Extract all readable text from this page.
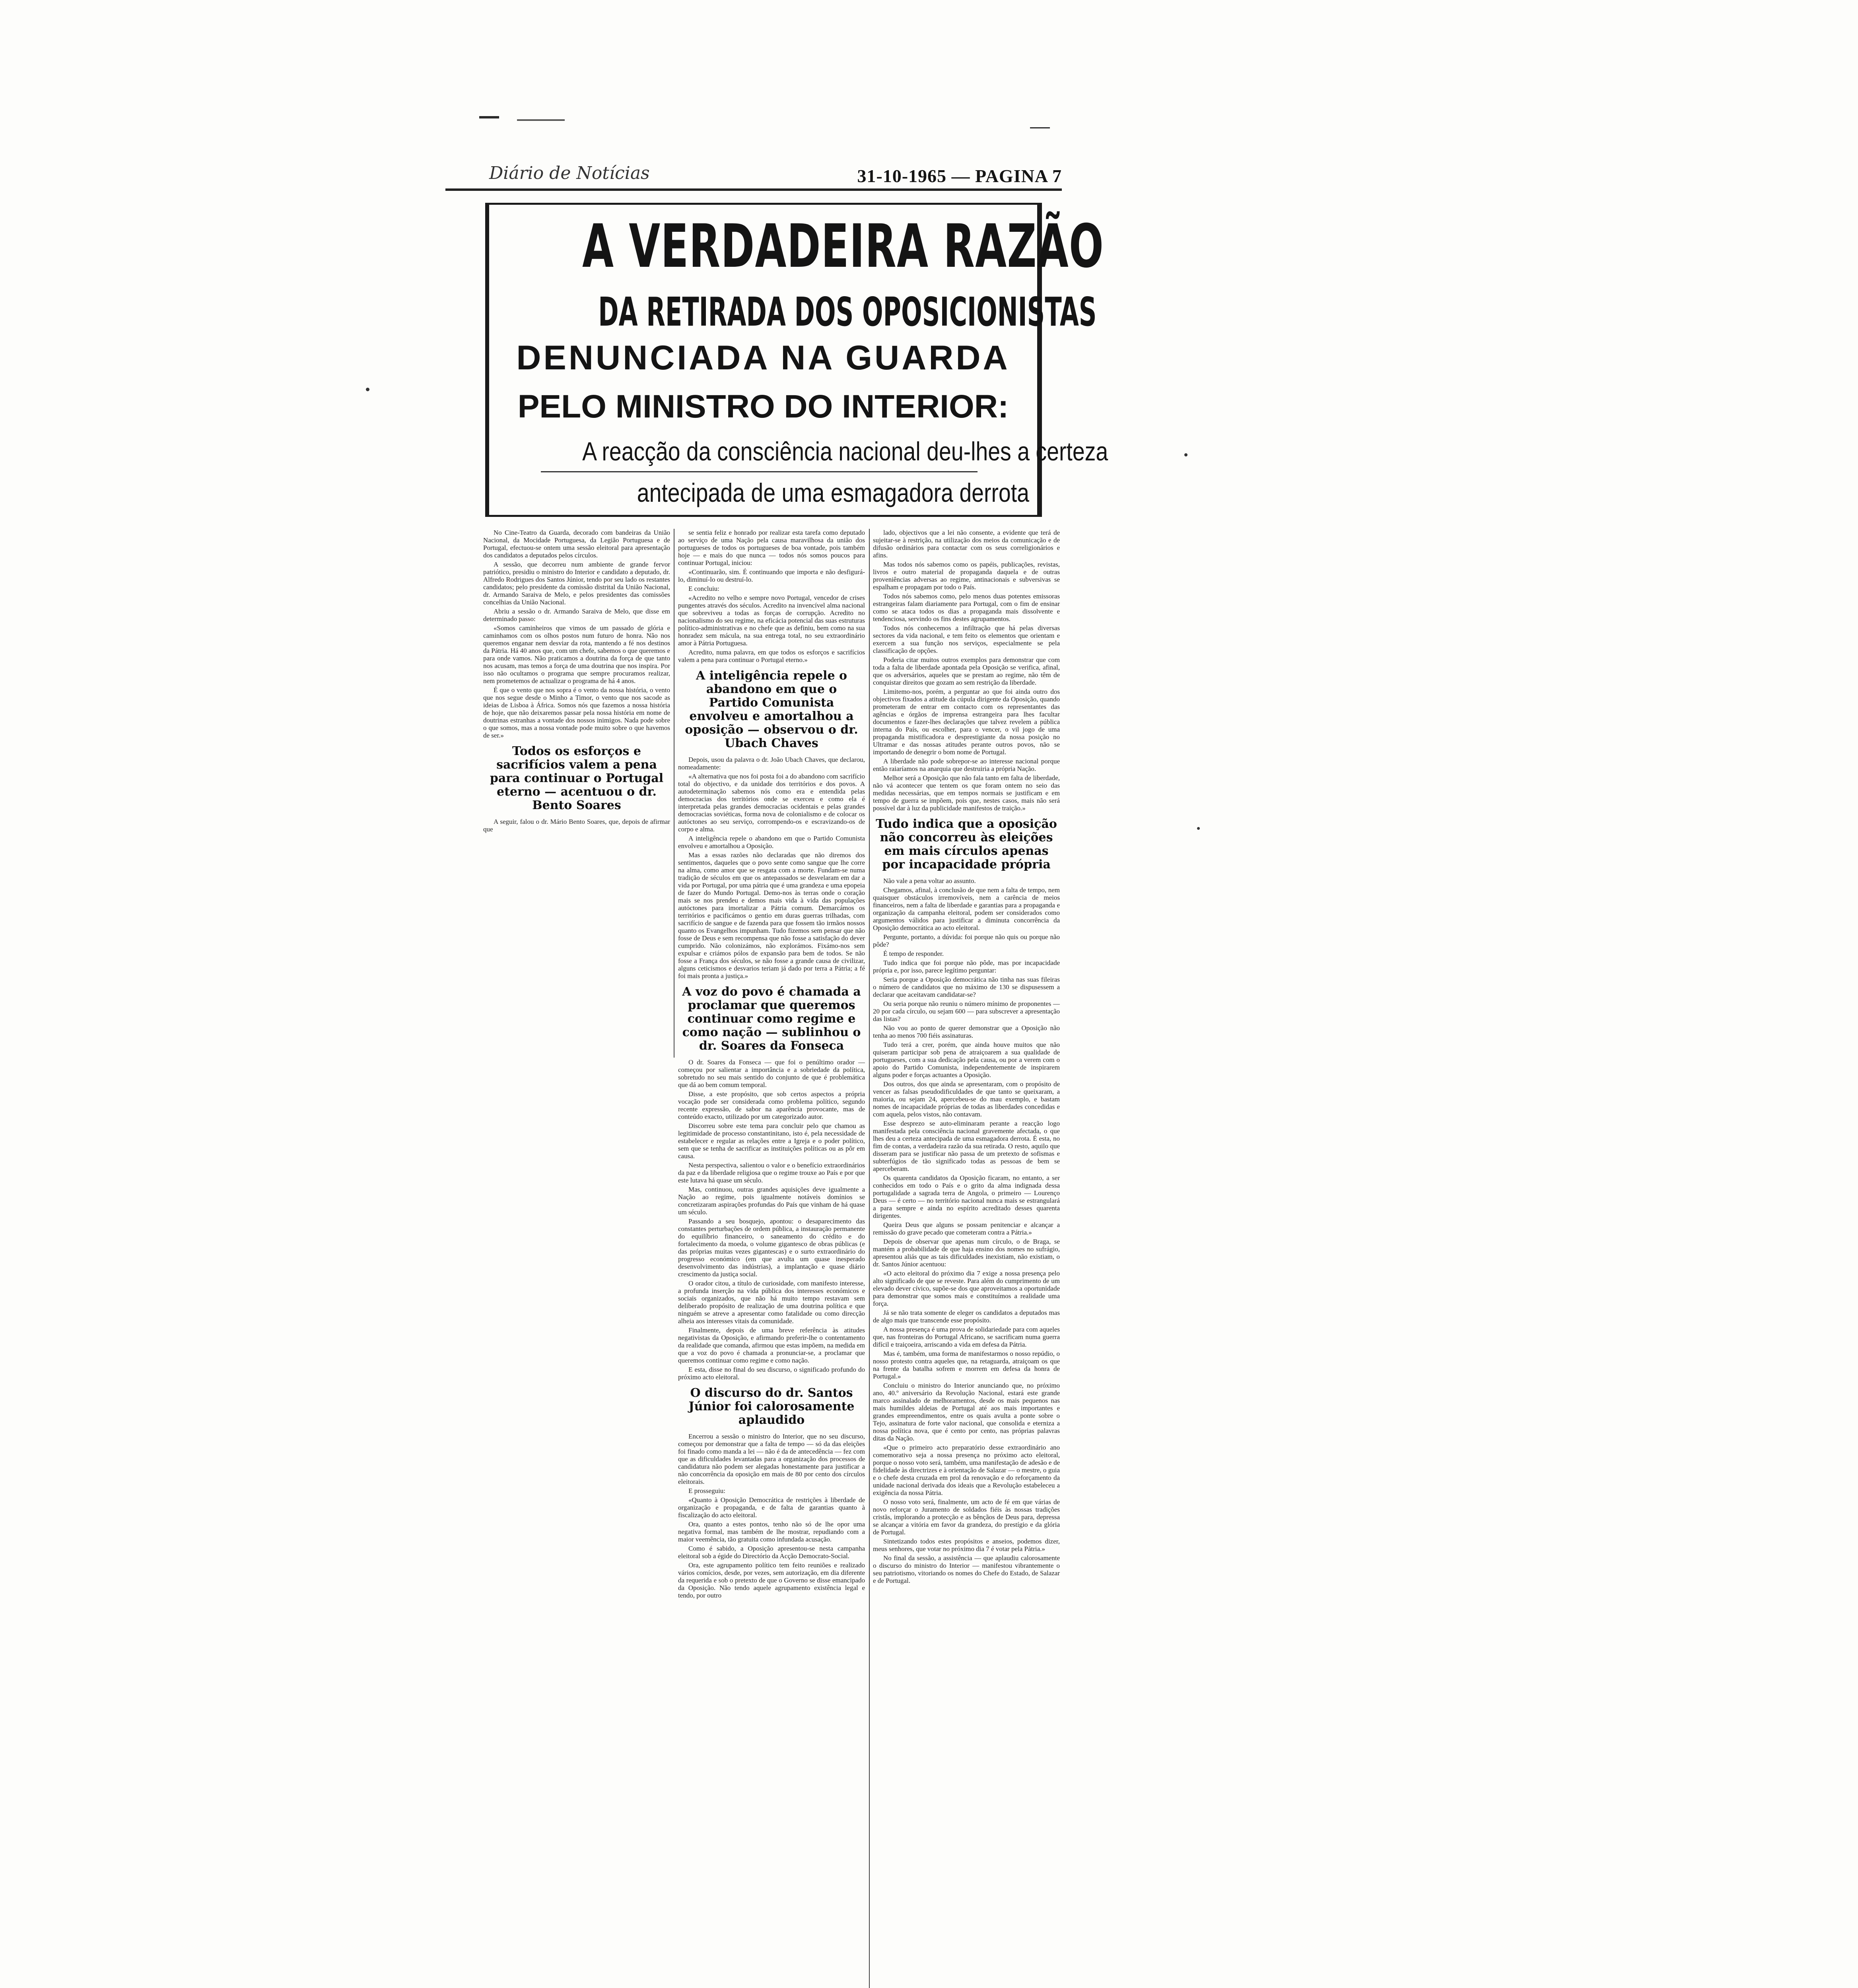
Diário de Notícias	31-10-1965 — PAGINA 7
A VERDADEIRA RAZÃO
DA RETIRADA DOS OPOSICIONISTAS
DENUNCIADA NA GUARDA
PELO MINISTRO DO INTERIOR:
A reacção da consciência nacional deu-lhes a certeza
antecipada de uma esmagadora derrota

No Cine-Teatro da Guarda, decorado com bandeiras da União Nacional, da Mocidade Portuguesa, da Legião Portuguesa e de Portugal, efectuou-se ontem uma sessão eleitoral para apresentação dos candidatos a deputados pelos círculos.

A sessão, que decorreu num ambiente de grande fervor patriótico, presidiu o ministro do Interior e candidato a deputado, dr. Alfredo Rodrigues dos Santos Júnior, tendo por seu lado os restantes candidatos; pelo presidente da comissão distrital da União Nacional, dr. Armando Saraiva de Melo, e pelos presidentes das comissões concelhias da União Nacional.

Abriu a sessão o dr. Armando Saraiva de Melo, que disse em determinado passo:

«Somos caminheiros que vimos de um passado de glória e caminhamos com os olhos postos num futuro de honra. Não nos queremos enganar nem desviar da rota, mantendo a fé nos destinos da Pátria. Há 40 anos que, com um chefe, sabemos o que queremos e para onde vamos. Não praticamos a doutrina da força de que tanto nos acusam, mas temos a força de uma doutrina que nos inspira. Por isso não ocultamos o programa que sempre procuramos realizar, nem prometemos de actualizar o programa de há 4 anos.

É que o vento que nos sopra é o vento da nossa história, o vento que nos segue desde o Minho a Timor, o vento que nos sacode as ideias de Lisboa à África. Somos nós que fazemos a nossa história de hoje, que não deixaremos passar pela nossa história em nome de doutrinas estranhas a vontade dos nossos inimigos. Nada pode sobre o que somos, mas a nossa vontade pode muito sobre o que havemos de ser.»

Todos os esforços e sacrifícios valem a pena para continuar o Portugal eterno — acentuou o dr. Bento Soares

A seguir, falou o dr. Mário Bento Soares, que, depois de afirmar que

se sentia feliz e honrado por realizar esta tarefa como deputado ao serviço de uma Nação pela causa maravilhosa da união dos portugueses de todos os portugueses de boa vontade, pois também hoje — e mais do que nunca — todos nós somos poucos para continuar Portugal, iniciou:

«Continuarão, sim. É continuando que importa e não desfigurá-lo, diminuí-lo ou destruí-lo.

E concluiu:

«Acredito no velho e sempre novo Portugal, vencedor de crises pungentes através dos séculos. Acredito na invencível alma nacional que sobreviveu a todas as forças de corrupção. Acredito no nacionalismo do seu regime, na eficácia potencial das suas estruturas político-administrativas e no chefe que as definiu, bem como na sua honradez sem mácula, na sua entrega total, no seu extraordinário amor à Pátria Portuguesa.

Acredito, numa palavra, em que todos os esforços e sacrifícios valem a pena para continuar o Portugal eterno.»

A inteligência repele o abandono em que o Partido Comunista envolveu e amortalhou a oposição — observou o dr. Ubach Chaves

Depois, usou da palavra o dr. João Ubach Chaves, que declarou, nomeadamente:

«A alternativa que nos foi posta foi a do abandono com sacrifício total do objectivo, e da unidade dos territórios e dos povos. A autodeterminação sabemos nós como era e entendida pelas democracias dos territórios onde se exerceu e como ela é interpretada pelas grandes democracias ocidentais e pelas grandes democracias soviéticas, forma nova de colonialismo e de colocar os autóctones ao seu serviço, corrompendo-os e escravizando-os de corpo e alma.

A inteligência repele o abandono em que o Partido Comunista envolveu e amortalhou a Oposição.

Mas a essas razões não declaradas que não diremos dos sentimentos, daqueles que o povo sente como sangue que lhe corre na alma, como amor que se resgata com a morte. Fundam-se numa tradição de séculos em que os antepassados se desvelaram em dar a vida por Portugal, por uma pátria que é uma grandeza e uma epopeia de fazer do Mundo Portugal. Demo-nos às terras onde o coração mais se nos prendeu e demos mais vida à vida das populações autóctones para imortalizar a Pátria comum. Demarcámos os territórios e pacificámos o gentio em duras guerras trilhadas, com sacrifício de sangue e de fazenda para que fossem tão irmãos nossos quanto os Evangelhos impunham. Tudo fizemos sem pensar que não fosse de Deus e sem recompensa que não fosse a satisfação do dever cumprido. Não colonizámos, não explorámos. Fixámo-nos sem expulsar e criámos pólos de expansão para bem de todos. Se não fosse a França dos séculos, se não fosse a grande causa de civilizar, alguns ceticismos e desvarios teriam já dado por terra a Pátria; a fé foi mais pronta a justiça.»

A voz do povo é chamada a proclamar que queremos continuar como regime e como nação — sublinhou o dr. Soares da Fonseca

O dr. Soares da Fonseca — que foi o penúltimo orador — começou por salientar a importância e a sobriedade da política, sobretudo no seu mais sentido do conjunto de que é problemática que dá ao bem comum temporal.

Disse, a este propósito, que sob certos aspectos a própria vocação pode ser considerada como problema político, segundo recente expressão, de sabor na aparência provocante, mas de conteúdo exacto, utilizado por um categorizado autor.

Discorreu sobre este tema para concluir pelo que chamou as legitimidade de processo constantinitano, isto é, pela necessidade de estabelecer e regular as relações entre a Igreja e o poder político, sem que se tenha de sacrificar as instituições políticas ou as pôr em causa.

Nesta perspectiva, salientou o valor e o benefício extraordinários da paz e da liberdade religiosa que o regime trouxe ao País e por que este lutava há quase um século.

Mas, continuou, outras grandes aquisições deve igualmente a Nação ao regime, pois igualmente notáveis domínios se concretizaram aspirações profundas do País que vinham de há quase um século.

Passando a seu bosquejo, apontou: o desaparecimento das constantes perturbações de ordem pública, a instauração permanente do equilíbrio financeiro, o saneamento do crédito e do fortalecimento da moeda, o volume gigantesco de obras públicas (e das próprias muitas vezes gigantescas) e o surto extraordinário do progresso económico (em que avulta um quase inesperado desenvolvimento das indústrias), a implantação e quase diário crescimento da justiça social.

O orador citou, a título de curiosidade, com manifesto interesse, a profunda inserção na vida pública dos interesses económicos e sociais organizados, que não há muito tempo restavam sem deliberado propósito de realização de uma doutrina política e que ninguém se atreve a apresentar como fatalidade ou como direcção alheia aos interesses vitais da comunidade.

Finalmente, depois de uma breve referência às atitudes negativistas da Oposição, e afirmando preferir-lhe o contentamento da realidade que comanda, afirmou que estas impõem, na medida em que a voz do povo é chamada a pronunciar-se, a proclamar que queremos continuar como regime e como nação.

E esta, disse no final do seu discurso, o significado profundo do próximo acto eleitoral.

O discurso do dr. Santos Júnior foi calorosamente aplaudido

Encerrou a sessão o ministro do Interior, que no seu discurso, começou por demonstrar que a falta de tempo — só da das eleições foi finado como manda a lei — não é da de antecedência — fez com que as dificuldades levantadas para a organização dos processos de candidatura não podem ser alegadas honestamente para justificar a não concorrência da oposição em mais de 80 por cento dos círculos eleitorais.

E prosseguiu:

«Quanto à Oposição Democrática de restrições à liberdade de organização e propaganda, e de falta de garantias quanto à fiscalização do acto eleitoral.

Ora, quanto a estes pontos, tenho não só de lhe opor uma negativa formal, mas também de lhe mostrar, repudiando com a maior veemência, tão gratuita como infundada acusação.

Como é sabido, a Oposição apresentou-se nesta campanha eleitoral sob a égide do Directório da Acção Democrato-Social.

Ora, este agrupamento político tem feito reuniões e realizado vários comícios, desde, por vezes, sem autorização, em dia diferente da requerida e sob o pretexto de que o Governo se disse emancipado da Oposição. Não tendo aquele agrupamento existência legal e tendo, por outro

lado, objectivos que a lei não consente, a evidente que terá de sujeitar-se à restrição, na utilização dos meios da comunicação e de difusão ordinários para contactar com os seus correligionários e afins.

Mas todos nós sabemos como os papéis, publicações, revistas, livros e outro material de propaganda daquela e de outras proveniências adversas ao regime, antinacionais e subversivas se espalham e propagam por todo o País.

Todos nós sabemos como, pelo menos duas potentes emissoras estrangeiras falam diariamente para Portugal, com o fim de ensinar como se ataca todos os dias a propaganda mais dissolvente e tendenciosa, servindo os fins destes agrupamentos.

Todos nós conhecemos a infiltração que há pelas diversas sectores da vida nacional, e tem feito os elementos que orientam e exercem a sua função nos serviços, especialmente se pela classificação de opções.

Poderia citar muitos outros exemplos para demonstrar que com toda a falta de liberdade apontada pela Oposição se verifica, afinal, que os adversários, aqueles que se prestam ao regime, não têm de conquistar direitos que gozam ao sem restrição da liberdade.

Limitemo-nos, porém, a perguntar ao que foi ainda outro dos objectivos fixados a atitude da cúpula dirigente da Oposição, quando prometeram de entrar em contacto com os representantes das agências e órgãos de imprensa estrangeira para lhes facultar documentos e fazer-lhes declarações que talvez revelem a pública interna do País, ou escolher, para o vencer, o vil jogo de uma propaganda mistificadora e desprestigiante da nossa posição no Ultramar e das nossas atitudes perante outros povos, não se importando de denegrir o bom nome de Portugal.

A liberdade não pode sobrepor-se ao interesse nacional porque então raiaríamos na anarquia que destruiria a própria Nação.

Melhor será a Oposição que não fala tanto em falta de liberdade, não vá acontecer que tentem os que foram ontem no seio das medidas necessárias, que em tempos normais se justificam e em tempo de guerra se impõem, pois que, nestes casos, mais não será possível dar à luz da publicidade manifestos de traição.»

Tudo indica que a oposição não concorreu às eleições em mais círculos apenas por incapacidade própria

Não vale a pena voltar ao assunto.

Chegamos, afinal, à conclusão de que nem a falta de tempo, nem quaisquer obstáculos irremovíveis, nem a carência de meios financeiros, nem a falta de liberdade e garantias para a propaganda e organização da campanha eleitoral, podem ser considerados como argumentos válidos para justificar a diminuta concorrência da Oposição democrática ao acto eleitoral.

Pergunte, portanto, a dúvida: foi porque não quis ou porque não pôde?

É tempo de responder.

Tudo indica que foi porque não pôde, mas por incapacidade própria e, por isso, parece legítimo perguntar:

Seria porque a Oposição democrática não tinha nas suas fileiras o número de candidatos que no máximo de 130 se dispusessem a declarar que aceitavam candidatar-se?

Ou seria porque não reuniu o número mínimo de proponentes — 20 por cada círculo, ou sejam 600 — para subscrever a apresentação das listas?

Não vou ao ponto de querer demonstrar que a Oposição não tenha ao menos 700 fiéis assinaturas.

Tudo terá a crer, porém, que ainda houve muitos que não quiseram participar sob pena de atraiçoarem a sua qualidade de portugueses, com a sua dedicação pela causa, ou por a verem com o apoio do Partido Comunista, independentemente de inspirarem alguns poder e forças actuantes a Oposição.

Dos outros, dos que ainda se apresentaram, com o propósito de vencer as falsas pseudodificuldades de que tanto se queixaram, a maioria, ou sejam 24, apercebeu-se do mau exemplo, e bastam nomes de incapacidade próprias de todas as liberdades concedidas e com aquela, pelos vistos, não contavam.

Esse desprezo se auto-eliminaram perante a reacção logo manifestada pela consciência nacional gravemente afectada, o que lhes deu a certeza antecipada de uma esmagadora derrota. É esta, no fim de contas, a verdadeira razão da sua retirada. O resto, aquilo que disseram para se justificar não passa de um pretexto de sofismas e subterfúgios de tão significado todas as pessoas de bem se aperceberam.

Os quarenta candidatos da Oposição ficaram, no entanto, a ser conhecidos em todo o País e o grito da alma indignada dessa portugalidade a sagrada terra de Angola, o primeiro — Lourenço Deus — é certo — no território nacional nunca mais se estrangulará a para sempre e ainda no espírito acreditado desses quarenta dirigentes.

Queira Deus que alguns se possam penitenciar e alcançar a remissão do grave pecado que cometeram contra a Pátria.»

Depois de observar que apenas num círculo, o de Braga, se mantém a probabilidade de que haja ensino dos nomes no sufrágio, apresentou aliás que as tais dificuldades inexistiam, não existiam, o dr. Santos Júnior acentuou:

«O acto eleitoral do próximo dia 7 exige a nossa presença pelo alto significado de que se reveste. Para além do cumprimento de um elevado dever cívico, supõe-se dos que aproveitamos a oportunidade para demonstrar que somos mais e constituímos a realidade uma força.

Já se não trata somente de eleger os candidatos a deputados mas de algo mais que transcende esse propósito.

A nossa presença é uma prova de solidariedade para com aqueles que, nas fronteiras do Portugal Africano, se sacrificam numa guerra difícil e traiçoeira, arriscando a vida em defesa da Pátria.

Mas é, também, uma forma de manifestarmos o nosso repúdio, o nosso protesto contra aqueles que, na retaguarda, atraiçoam os que na frente da batalha sofrem e morrem em defesa da honra de Portugal.»

Concluiu o ministro do Interior anunciando que, no próximo ano, 40.º aniversário da Revolução Nacional, estará este grande marco assinalado de melhoramentos, desde os mais pequenos nas mais humildes aldeias de Portugal até aos mais importantes e grandes empreendimentos, entre os quais avulta a ponte sobre o Tejo, assinatura de forte valor nacional, que consolida e eterniza a nossa política nova, que é cento por cento, nas próprias palavras ditas da Nação.

«Que o primeiro acto preparatório desse extraordinário ano comemorativo seja a nossa presença no próximo acto eleitoral, porque o nosso voto será, também, uma manifestação de adesão e de fidelidade às directrizes e à orientação de Salazar — o mestre, o guia e o chefe desta cruzada em prol da renovação e do reforçamento da unidade nacional derivada dos ideais que a Revolução estabeleceu a exigência da nossa Pátria.

O nosso voto será, finalmente, um acto de fé em que várias de novo reforçar o Juramento de soldados fiéis às nossas tradições cristãs, implorando a protecção e as bênçãos de Deus para, depressa se alcançar a vitória em favor da grandeza, do prestígio e da glória de Portugal.

Sintetizando todos estes propósitos e anseios, podemos dizer, meus senhores, que votar no próximo dia 7 é votar pela Pátria.»

No final da sessão, a assistência — que aplaudiu calorosamente o discurso do ministro do Interior — manifestou vibrantemente o seu patriotismo, vitoriando os nomes do Chefe do Estado, de Salazar e de Portugal.
